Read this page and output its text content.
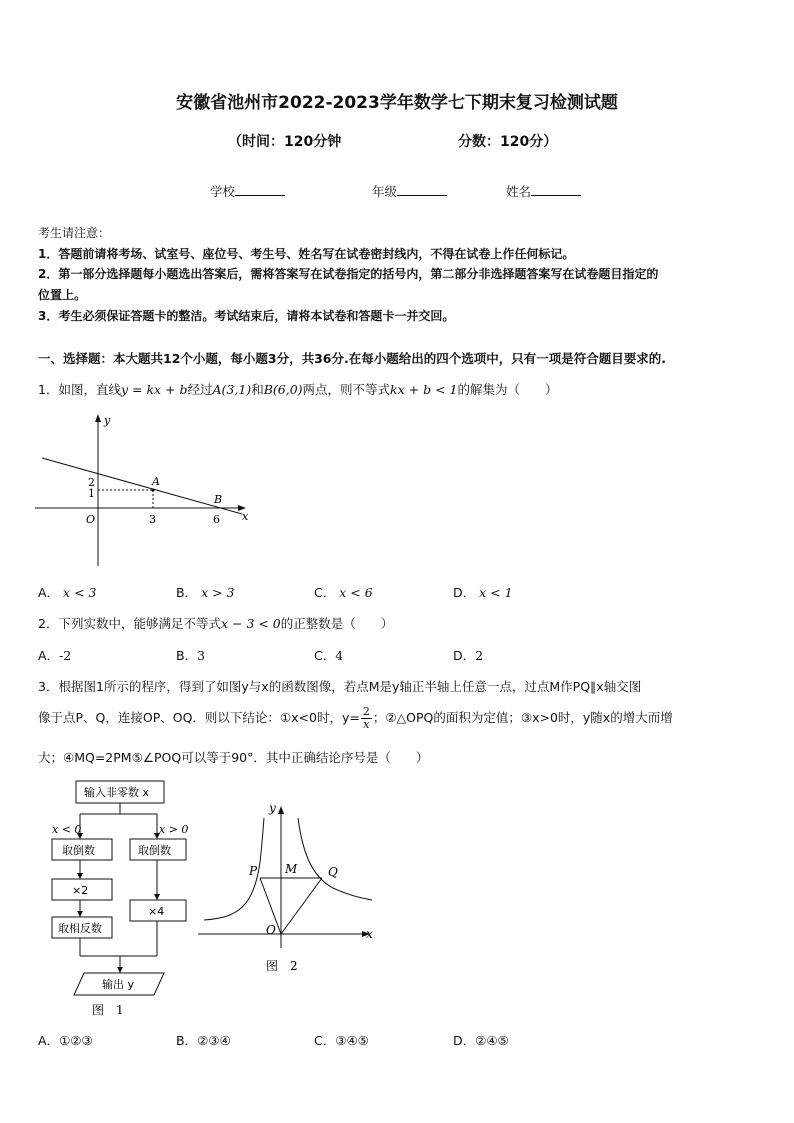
安徽省池州市2022-2023学年数学七下期末复习检测试题
（时间：120分钟	分数：120分）
学校	年级	姓名
考生请注意：
1．答题前请将考场、试室号、座位号、考生号、姓名写在试卷密封线内，不得在试卷上作任何标记。
2．第一部分选择题每小题选出答案后，需将答案写在试卷指定的括号内，第二部分非选择题答案写在试卷题目指定的
位置上。
3．考生必须保证答题卡的整洁。考试结束后，请将本试卷和答题卡一并交回。
一、选择题：本大题共12个小题，每小题3分，共36分.在每小题给出的四个选项中，只有一项是符合题目要求的.
1．如图，直线y = kx + b经过A(3,1)和B(6,0)两点，则不等式kx + b < 1的解集为（　　）
A
B
O	3	6
2
1
x
y
A． x < 3	B． x > 3	C． x < 6	D． x < 1
2．下列实数中，能够满足不等式x − 3 < 0的正整数是（　　）
A．-2	B．3	C．4	D．2
3．根据图1所示的程序，得到了如图y与x的函数图像，若点M是y轴正半轴上任意一点，过点M作PQ∥x轴交图
像于点P、Q，连接OP、OQ．则以下结论：①x<0时，$y= \frac{2}{x}$ ；②△OPQ的面积为定值；③x>0时，y随x的增大而增
大；④MQ=2PM⑤∠POQ可以等于90°．其中正确结论序号是（　　）
输入非零数 x
x < 0	x > 0
取倒数	取倒数
×2
×4
取相反数
输出 y
图　1
P M	Q
O	x
y
图　2
A．①②③	B．②③④	C．③④⑤	D．②④⑤
